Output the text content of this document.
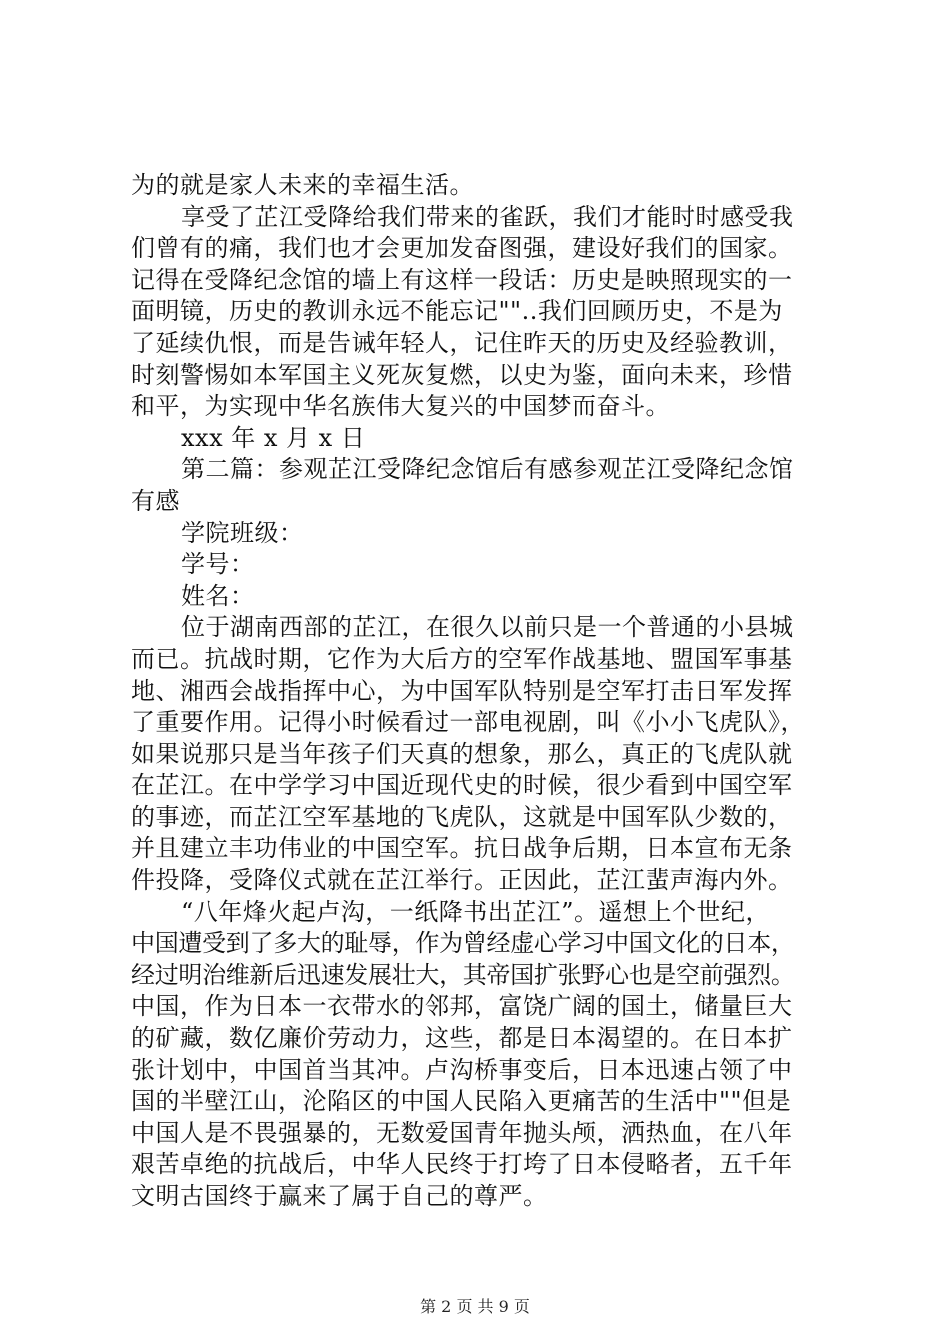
为的就是家人未来的幸福生活。
享受了芷江受降给我们带来的雀跃，我们才能时时感受我
们曾有的痛，我们也才会更加发奋图强，建设好我们的国家。
记得在受降纪念馆的墙上有这样一段话：历史是映照现实的一
面明镜，历史的教训永远不能忘记""..我们回顾历史，不是为
了延续仇恨，而是告诫年轻人，记住昨天的历史及经验教训，
时刻警惕如本军国主义死灰复燃，以史为鉴，面向未来，珍惜
和平，为实现中华名族伟大复兴的中国梦而奋斗。
xxx 年 x 月 x 日
第二篇：参观芷江受降纪念馆后有感参观芷江受降纪念馆
有感
学院班级：
学号：
姓名：
位于湖南西部的芷江，在很久以前只是一个普通的小县城
而已。抗战时期，它作为大后方的空军作战基地、盟国军事基
地、湘西会战指挥中心，为中国军队特别是空军打击日军发挥
了重要作用。记得小时候看过一部电视剧，叫《小小飞虎队》，
如果说那只是当年孩子们天真的想象，那么，真正的飞虎队就
在芷江。在中学学习中国近现代史的时候，很少看到中国空军
的事迹，而芷江空军基地的飞虎队，这就是中国军队少数的，
并且建立丰功伟业的中国空军。抗日战争后期，日本宣布无条
件投降，受降仪式就在芷江举行。正因此，芷江蜚声海内外。
“八年烽火起卢沟，一纸降书出芷江”。遥想上个世纪，
中国遭受到了多大的耻辱，作为曾经虚心学习中国文化的日本，
经过明治维新后迅速发展壮大，其帝国扩张野心也是空前强烈。
中国，作为日本一衣带水的邻邦，富饶广阔的国土，储量巨大
的矿藏，数亿廉价劳动力，这些，都是日本渴望的。在日本扩
张计划中，中国首当其冲。卢沟桥事变后，日本迅速占领了中
国的半壁江山，沦陷区的中国人民陷入更痛苦的生活中""但是
中国人是不畏强暴的，无数爱国青年抛头颅，洒热血，在八年
艰苦卓绝的抗战后，中华人民终于打垮了日本侵略者，五千年
文明古国终于赢来了属于自己的尊严。
第 2 页 共 9 页
